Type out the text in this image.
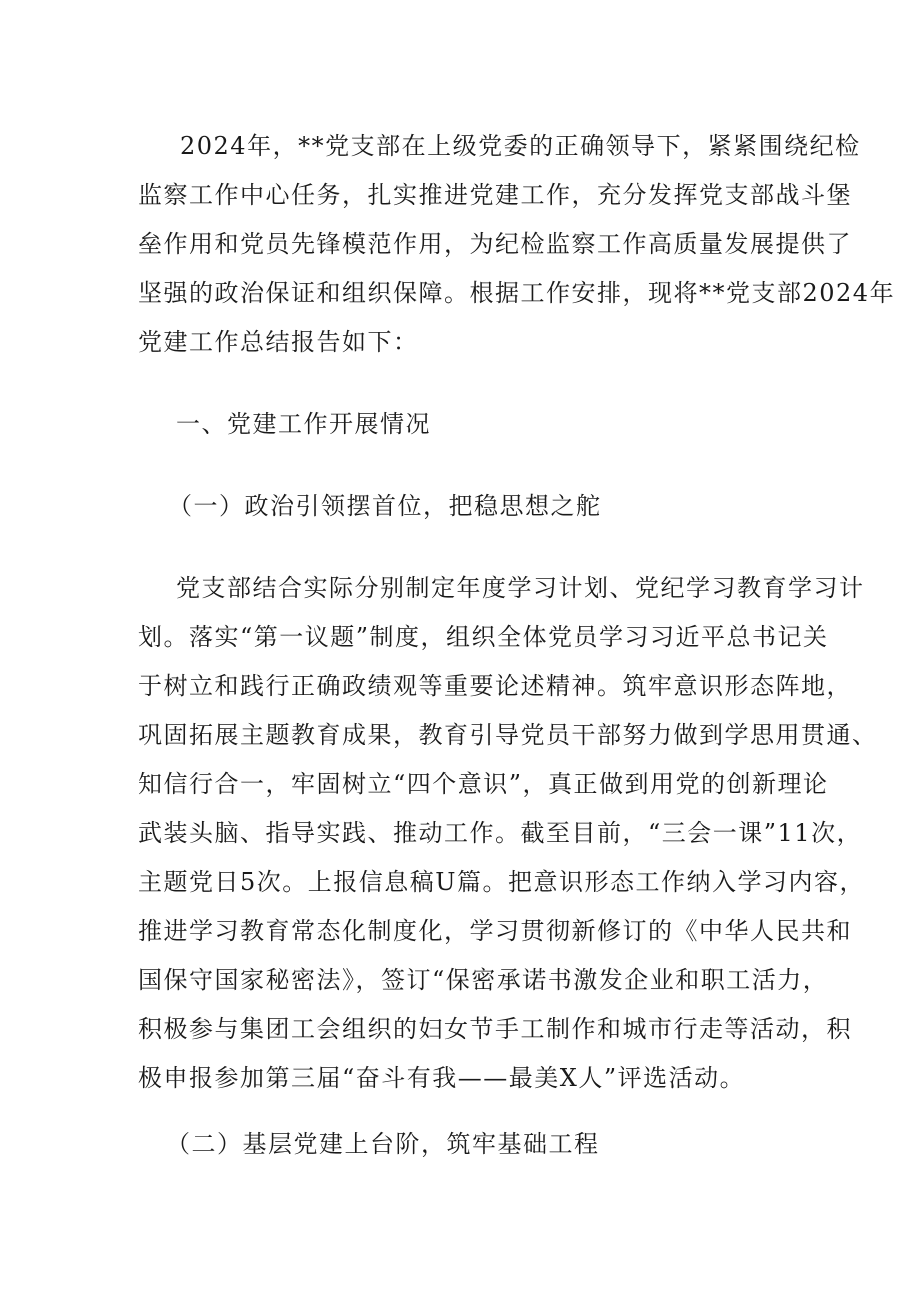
2024年，**党支部在上级党委的正确领导下，紧紧围绕纪检
监察工作中心任务，扎实推进党建工作，充分发挥党支部战斗堡
垒作用和党员先锋模范作用，为纪检监察工作高质量发展提供了
坚强的政治保证和组织保障。根据工作安排，现将**党支部2024年
党建工作总结报告如下：
一、党建工作开展情况
（一）政治引领摆首位，把稳思想之舵
党支部结合实际分别制定年度学习计划、党纪学习教育学习计
划。落实“第一议题”制度，组织全体党员学习习近平总书记关
于树立和践行正确政绩观等重要论述精神。筑牢意识形态阵地，
巩固拓展主题教育成果，教育引导党员干部努力做到学思用贯通、
知信行合一，牢固树立“四个意识”，真正做到用党的创新理论
武装头脑、指导实践、推动工作。截至目前，“三会一课”11次，
主题党日5次。上报信息稿U篇。把意识形态工作纳入学习内容，
推进学习教育常态化制度化，学习贯彻新修订的《中华人民共和
国保守国家秘密法》，签订“保密承诺书激发企业和职工活力，
积极参与集团工会组织的妇女节手工制作和城市行走等活动，积
极申报参加第三届“奋斗有我——最美X人”评选活动。
（二）基层党建上台阶，筑牢基础工程
